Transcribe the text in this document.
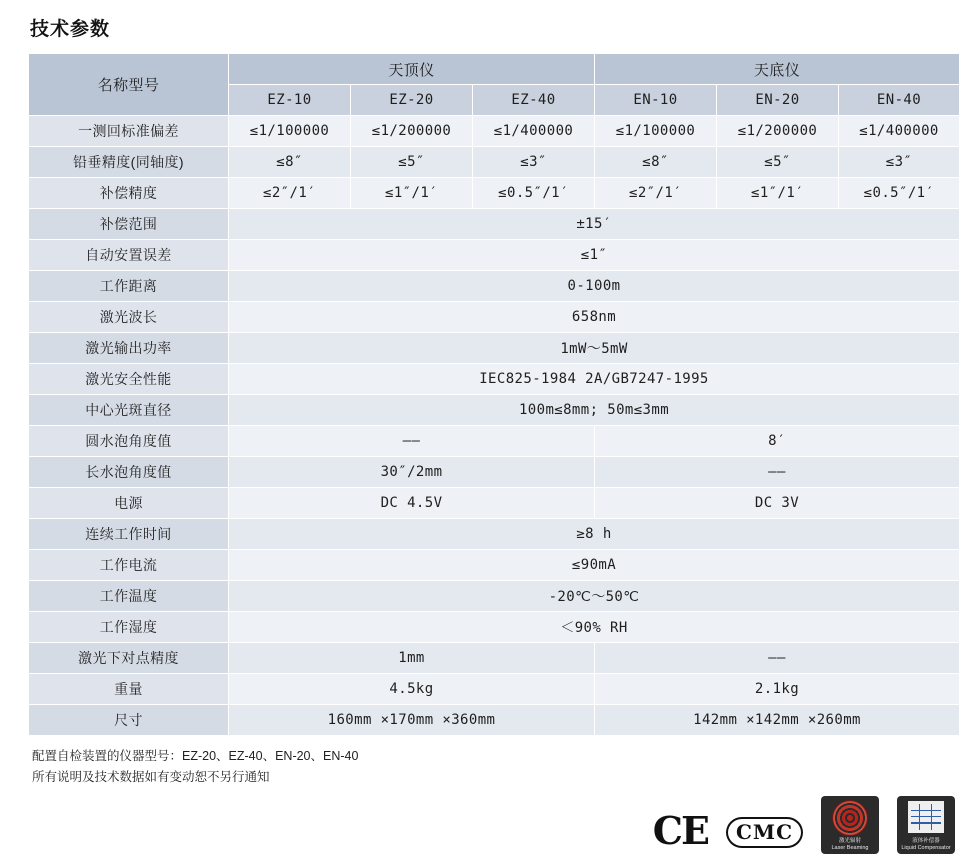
技术参数
名称型号	天顶仪			天底仪		
	EZ-10	EZ-20	EZ-40	EN-10	EN-20	EN-40
一测回标准偏差	≤1/100000	≤1/200000	≤1/400000	≤1/100000	≤1/200000	≤1/400000
铅垂精度(同轴度)	≤8″	≤5″	≤3″	≤8″	≤5″	≤3″
补偿精度	≤2″/1′	≤1″/1′	≤0.5″/1′	≤2″/1′	≤1″/1′	≤0.5″/1′
补偿范围	±15′					
自动安置误差	≤1″					
工作距离	0-100m					
激光波长	658nm					
激光输出功率	1mW～5mW					
激光安全性能	IEC825-1984 2A/GB7247-1995					
中心光斑直径	100m≤8mm; 50m≤3mm					
圆水泡角度值	——			8′		
长水泡角度值	30″/2mm			——		
电源	DC 4.5V			DC 3V		
连续工作时间	≥8 h					
工作电流	≤90mA					
工作温度	-20℃～50℃					
工作湿度	＜90% RH					
激光下对点精度	1mm			——		
重量	4.5kg			2.1kg		
尺寸	160mm ×170mm ×360mm			142mm ×142mm ×260mm		
配置自检装置的仪器型号：EZ-20、EZ-40、EN-20、EN-40
所有说明及技术数据如有变动恕不另行通知
CE	CMC	激光辐射
Laser Beaming
液体补偿器
Liquid Compensator
